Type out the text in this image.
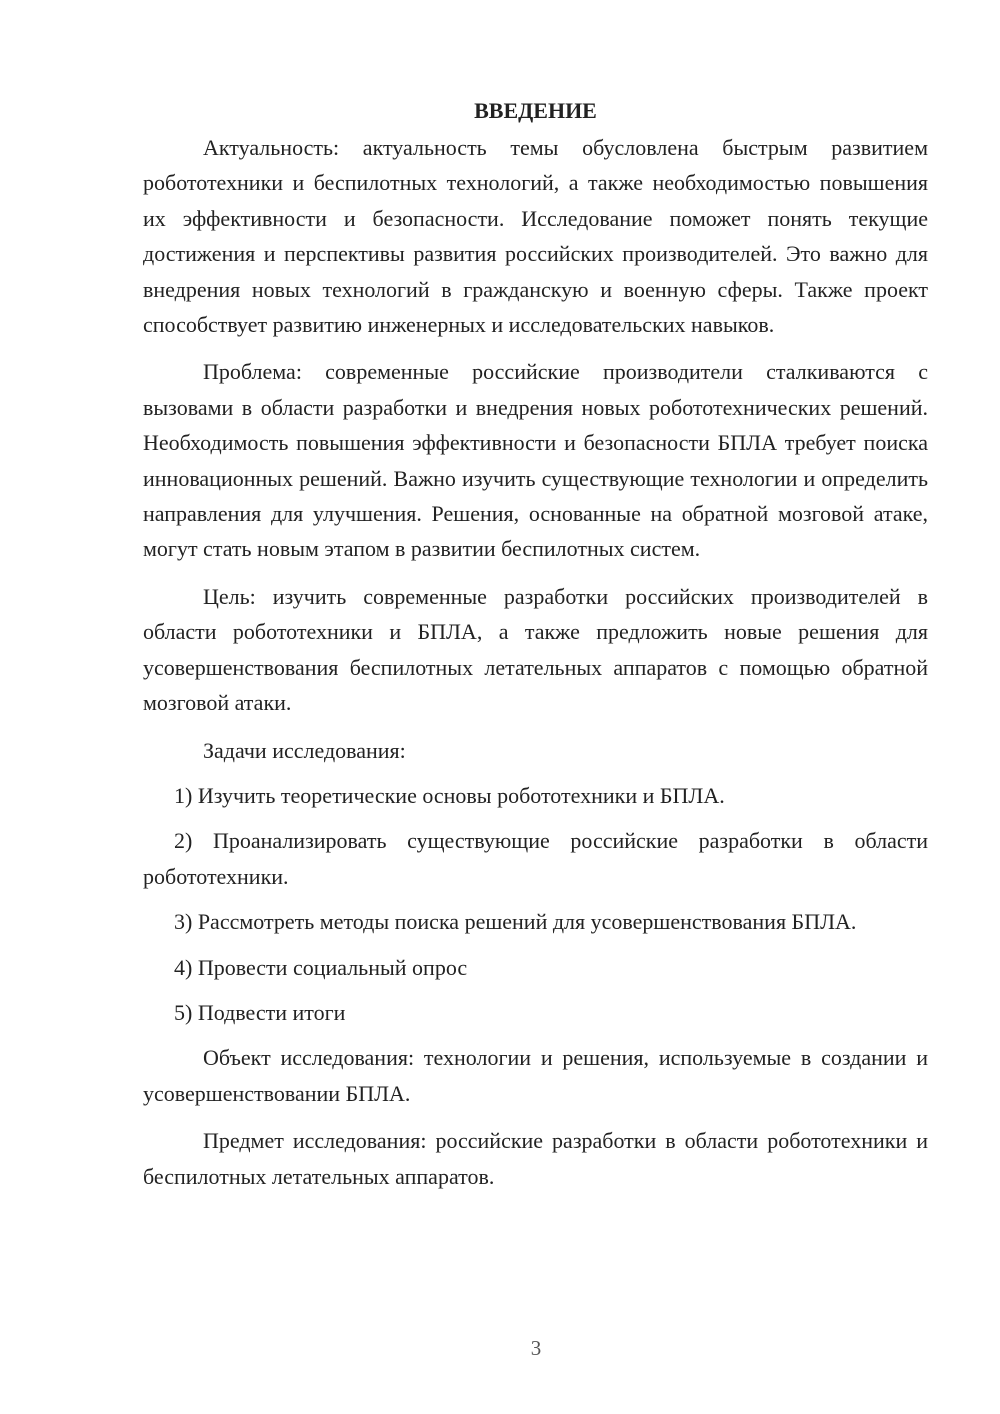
ВВЕДЕНИЕ

Актуальность: актуальность темы обусловлена быстрым развитием робототехники и беспилотных технологий, а также необходимостью повышения их эффективности и безопасности. Исследование поможет понять текущие достижения и перспективы развития российских производителей. Это важно для внедрения новых технологий в гражданскую и военную сферы. Также проект способствует развитию инженерных и исследовательских навыков.

Проблема: современные российские производители сталкиваются с вызовами в области разработки и внедрения новых робототехнических решений. Необходимость повышения эффективности и безопасности БПЛА требует поиска инновационных решений. Важно изучить существующие технологии и определить направления для улучшения. Решения, основанные на обратной мозговой атаке, могут стать новым этапом в развитии беспилотных систем.

Цель: изучить современные разработки российских производителей в области робототехники и БПЛА, а также предложить новые решения для усовершенствования беспилотных летательных аппаратов с помощью обратной мозговой атаки.

Задачи исследования:

1) Изучить теоретические основы робототехники и БПЛА.

2) Проанализировать существующие российские разработки в области робототехники.

3) Рассмотреть методы поиска решений для усовершенствования БПЛА.

4) Провести социальный опрос

5) Подвести итоги

Объект исследования: технологии и решения, используемые в создании и усовершенствовании БПЛА.

Предмет исследования: российские разработки в области робототехники и беспилотных летательных аппаратов.

3
